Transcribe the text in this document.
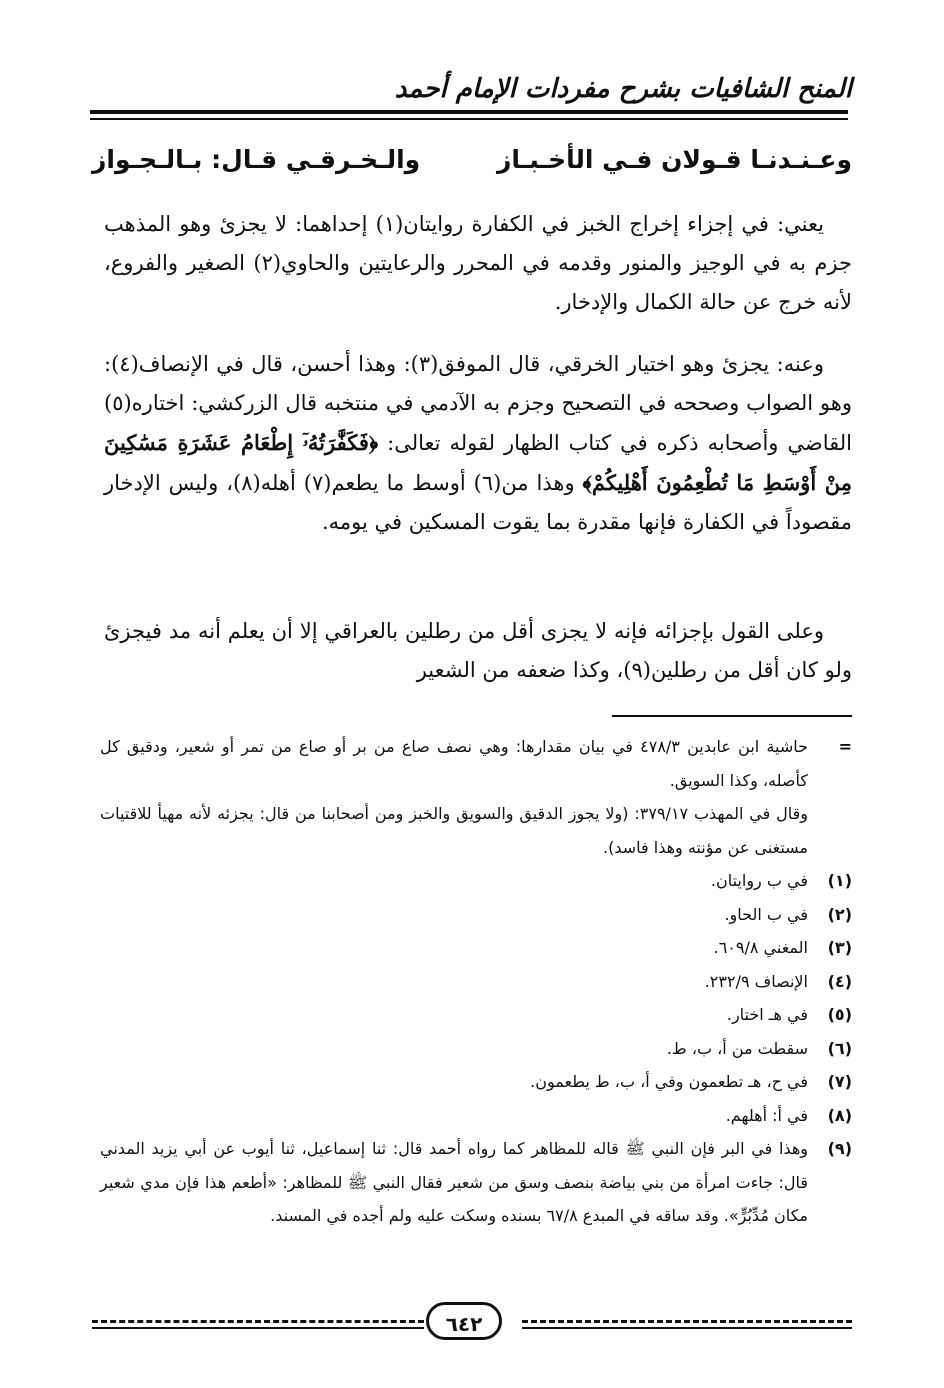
المنح الشافيات بشرح مفردات الإمام أحمد
وعـنـدنـا قـولان فـي الأخـبـاز
والـخـرقـي قـال: بـالـجـواز

يعني: في إجزاء إخراج الخبز في الكفارة روايتان(١) إحداهما: لا يجزئ وهو المذهب جزم به في الوجيز والمنور وقدمه في المحرر والرعايتين والحاوي(٢) الصغير والفروع، لأنه خرج عن حالة الكمال والإدخار.

وعنه: يجزئ وهو اختيار الخرقي، قال الموفق(٣): وهذا أحسن، قال في الإنصاف(٤): وهو الصواب وصححه في التصحيح وجزم به الآدمي في منتخبه قال الزركشي: اختاره(٥) القاضي وأصحابه ذكره في كتاب الظهار لقوله تعالى: ﴿فَكَفَّٰرَتُهُۥٓ إِطْعَامُ عَشَرَةِ مَسَٰكِينَ مِنْ أَوْسَطِ مَا تُطْعِمُونَ أَهْلِيكُمْ﴾ وهذا من(٦) أوسط ما يطعم(٧) أهله(٨)، وليس الإدخار مقصوداً في الكفارة فإنها مقدرة بما يقوت المسكين في يومه.

وعلى القول بإجزائه فإنه لا يجزى أقل من رطلين بالعراقي إلا أن يعلم أنه مد فيجزئ ولو كان أقل من رطلين(٩)، وكذا ضعفه من الشعير

=
حاشية ابن عابدين ٤٧٨/٣ في بيان مقدارها: وهي نصف صاع من بر أو صاع من تمر أو شعير، ودقيق كل كأصله، وكذا السويق.
وقال في المهذب ٣٧٩/١٧: (ولا يجوز الدقيق والسويق والخبز ومن أصحابنا من قال: يجزئه لأنه مهيأ للاقتيات مستغنى عن مؤنته وهذا فاسد).
(١)
في ب روايتان.
(٢)
في ب الحاو.
(٣)
المغني ٦٠٩/٨.
(٤)
الإنصاف ٢٣٢/٩.
(٥)
في هـ اختار.
(٦)
سقطت من أ، ب، ط.
(٧)
في ح، هـ تطعمون وفي أ، ب، ط يطعمون.
(٨)
في أ: أهلهم.
(٩)
وهذا في البر فإن النبي ﷺ قاله للمظاهر كما رواه أحمد قال: ثنا إسماعيل، ثنا أيوب عن أبي يزيد المدني قال: جاءت امرأة من بني بياضة بنصف وسق من شعير فقال النبي ﷺ للمظاهر: «أطعم هذا فإن مدي شعير مكان مُدِّبُرٍّ». وقد ساقه في المبدع ٦٧/٨ بسنده وسكت عليه ولم أجده في المسند.
٦٤٢
